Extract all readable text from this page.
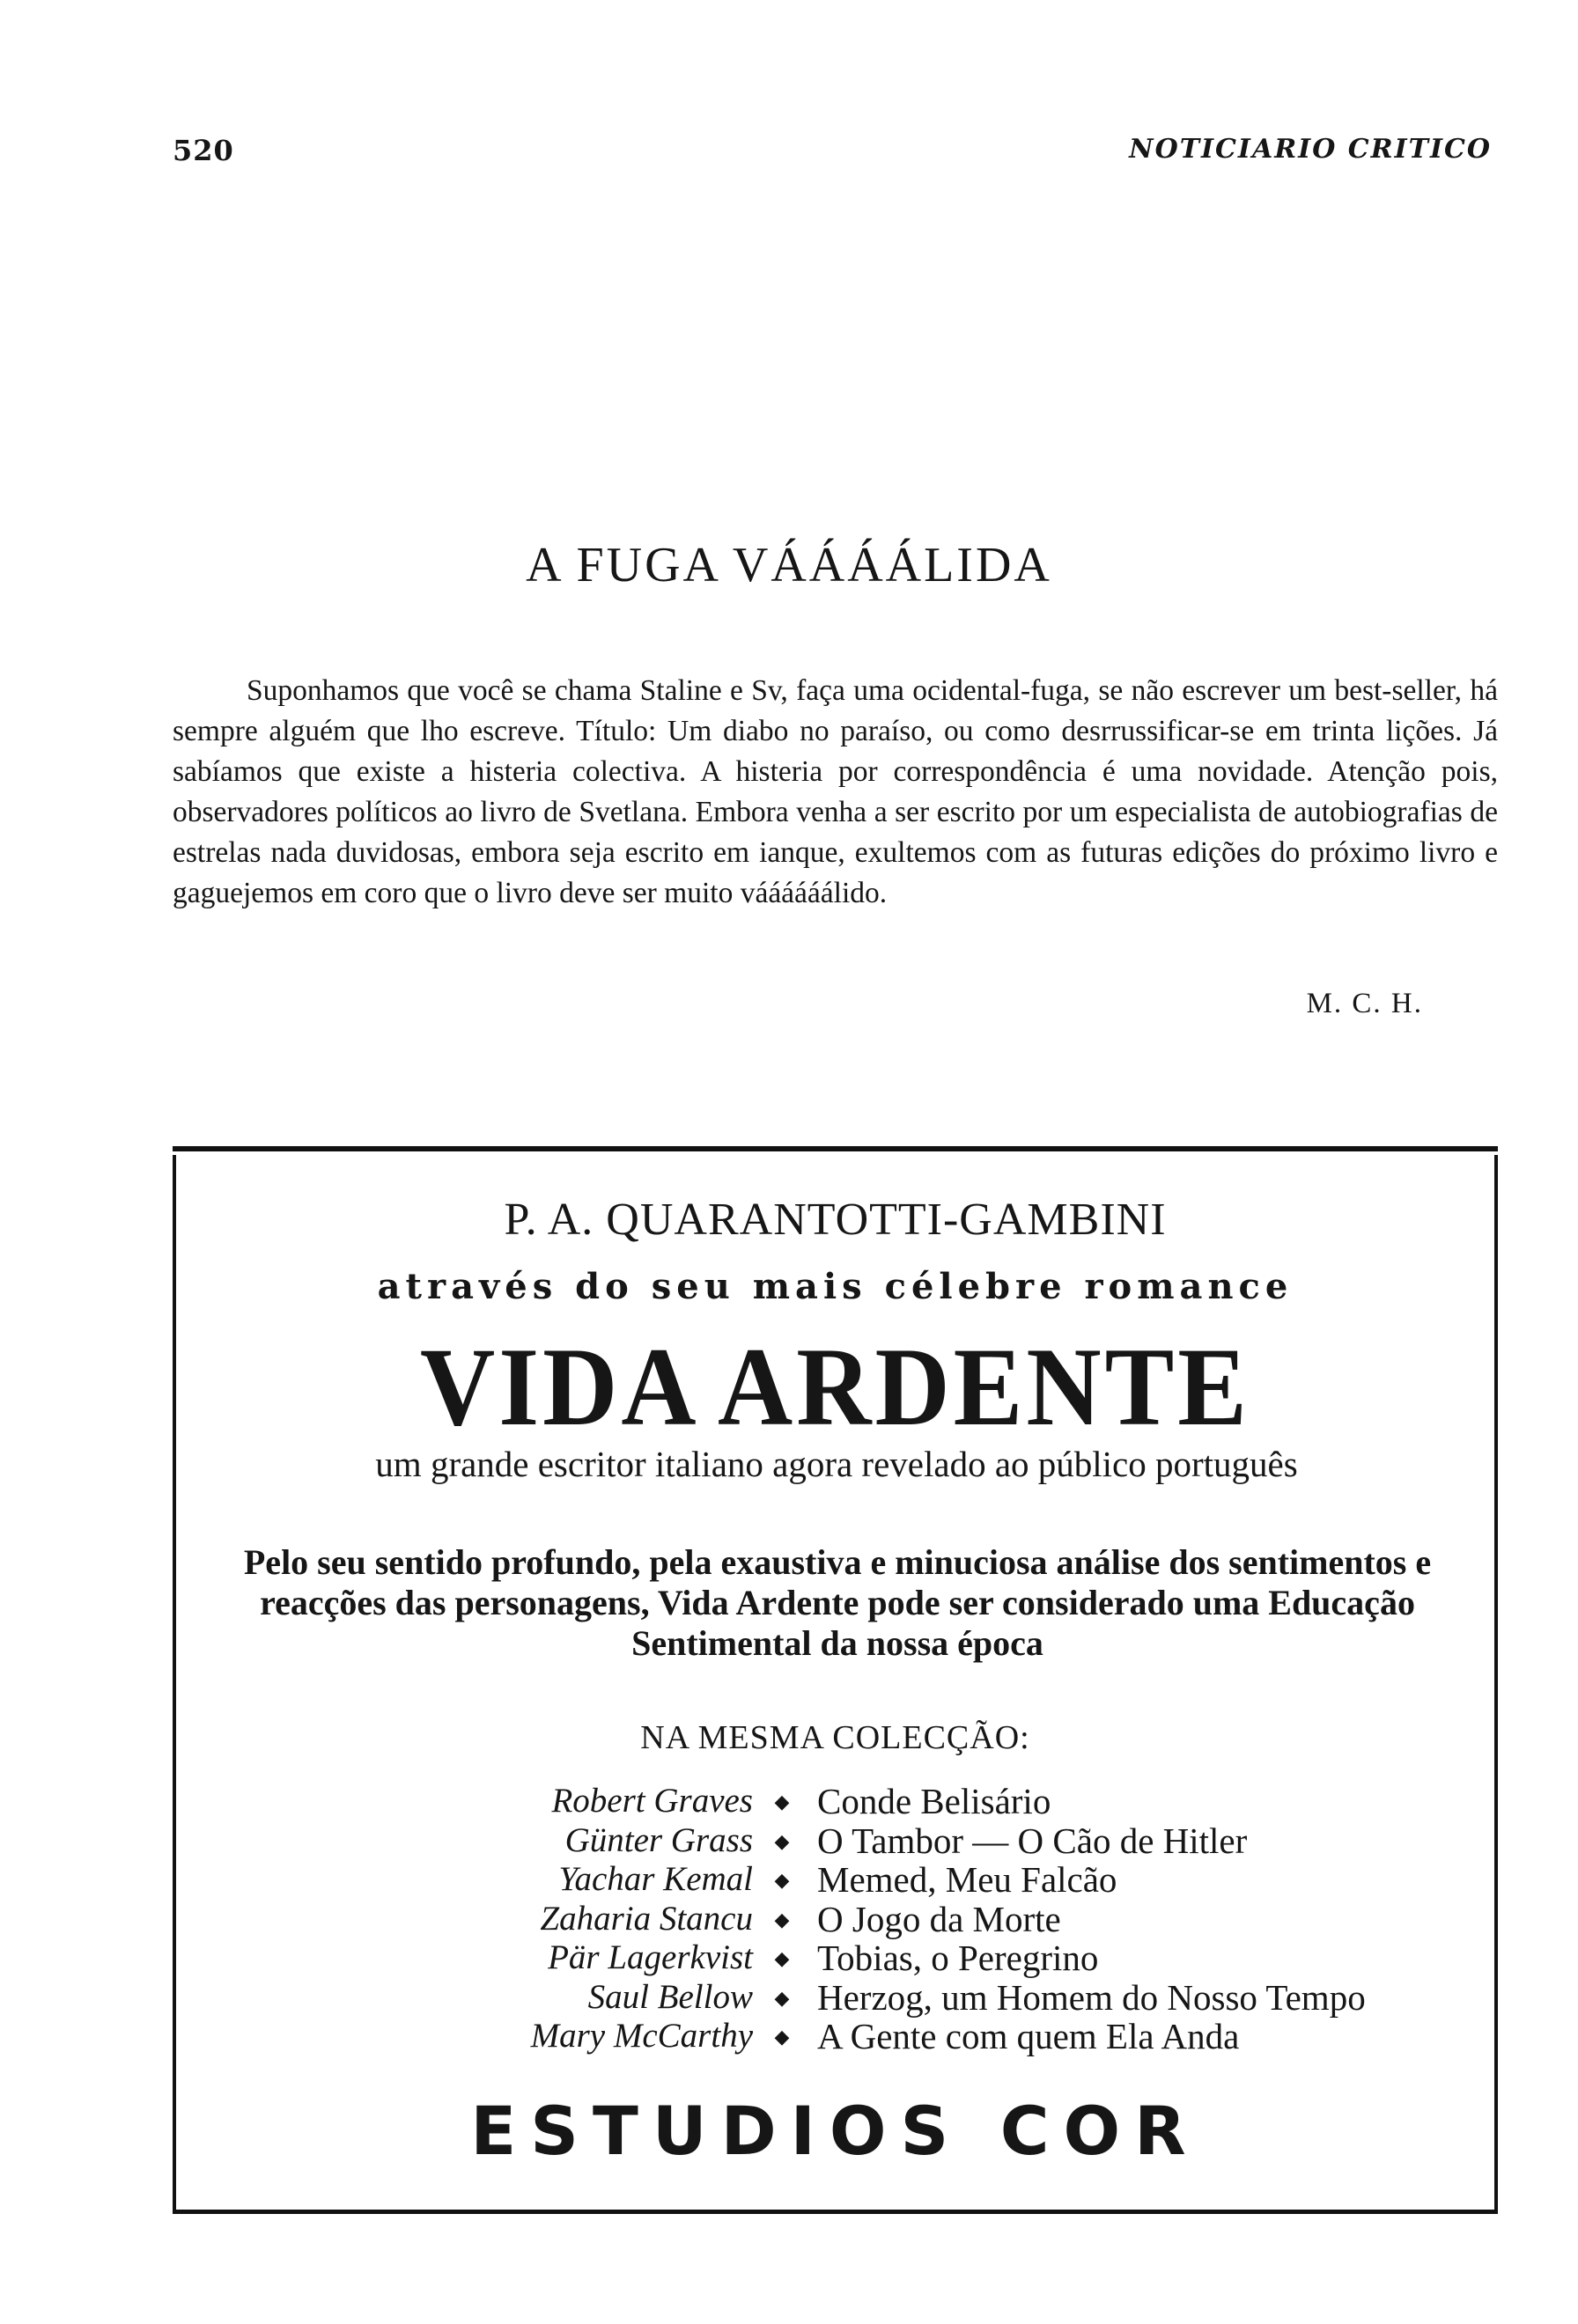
520	NOTICIARIO CRITICO
A FUGA VÁÁÁÁLIDA

Suponhamos que você se chama Staline e Sv, faça uma ocidental-fuga, se não escrever um best-seller, há sempre alguém que lho escreve. Título: Um diabo no paraíso, ou como desrrussificar-se em trinta lições. Já sabíamos que existe a histeria colectiva. A histeria por correspondência é uma novidade. Atenção pois, observadores políticos ao livro de Svetlana. Embora venha a ser escrito por um especialista de autobiografias de estrelas nada duvidosas, embora seja escrito em ianque, exultemos com as futuras edições do próximo livro e gaguejemos em coro que o livro deve ser muito váááááálido.

M. C. H.
P. A. QUARANTOTTI-GAMBINI
através do seu mais célebre romance
VIDA ARDENTE
um grande escritor italiano agora revelado ao público português
Pelo seu sentido profundo, pela exaustiva e minuciosa análise dos sentimentos e reacções das personagens, Vida Ardente pode ser considerado uma Educação Sentimental da nossa época
NA MESMA COLECÇÃO:
Robert Graves ◆ Conde Belisário
Günter Grass ◆ O Tambor — O Cão de Hitler
Yachar Kemal ◆ Memed, Meu Falcão
Zaharia Stancu ◆ O Jogo da Morte
Pär Lagerkvist ◆ Tobias, o Peregrino
Saul Bellow ◆ Herzog, um Homem do Nosso Tempo
Mary McCarthy ◆ A Gente com quem Ela Anda
ESTUDIOS COR
